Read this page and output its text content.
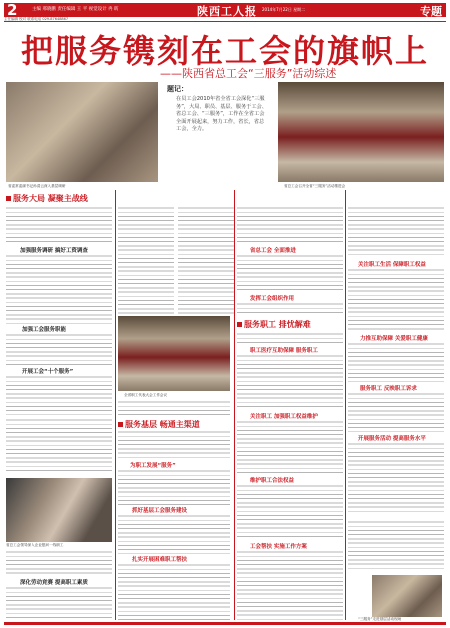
2	主编 邢晓鹏 责任编辑 王 平 视觉设计 冉 昉	陕西工人报 2014年7月22日 星期二	专题
主任编辑 校对 联系电话 029-87648867
把服务镌刻在工会的旗帜上
——陕西省总工会“三服务”活动综述
省委常委副书记孙清云深入基层调研
题记：
在员工会2010年省全省工会深化“三服务”，大局、职员、基层、服务于工会、省总工会、“三服务”，工作在全省工会全面开展起来，努力工作，省长，省总工会，全力。
省总工会召开全省“三服务”活动推进会
服务大局 凝聚主战线
服务基层 畅通主渠道
服务职工 排忧解难
加强服务调研 搞好工资调查
加强工会服务职能
开展工会“十个服务”
省总工会领导深入企业慰问一线职工
深化劳动竞赛 提高职工素质
全省职工代表大会工作会议
为职工发展“服务”
抓好基层工会服务建设
扎实开展困难职工帮扶
省总工会 全面推进
发挥工会组织作用
职工医疗互助保障 服务职工
关注职工 加强职工权益维护
维护职工合法权益
工会帮扶 实施工作方案
关注职工生活 保障职工权益
力推互助保障 关爱职工健康
服务职工 反映职工诉求
开展服务活动 提高服务水平
“三服务”走进基层活动现场
